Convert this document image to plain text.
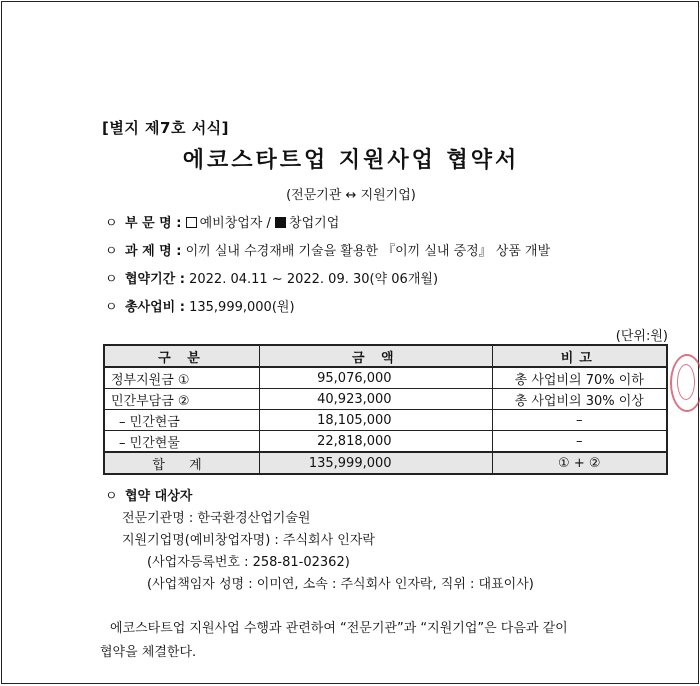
[별지 제7호 서식]
에코스타트업 지원사업 협약서
(전문기관 ↔ 지원기업)
ㅇ 부 문 명 : 예비창업자 / 창업기업
ㅇ 과 제 명 : 이끼 실내 수경재배 기술을 활용한 『이끼 실내 중정』 상품 개발
ㅇ 협약기간 : 2022. 04.11 ∼ 2022. 09. 30(약 06개월)
ㅇ 총사업비 : 135,999,000(원)
(단위:원)
구 분	금 액	비고
정부지원금 ①	95,076,000	총 사업비의 70% 이하
민간부담금 ②	40,923,000	총 사업비의 30% 이상
– 민간현금	18,105,000	–
– 민간현물	22,818,000	–
합 계	135,999,000	① + ②
ㅇ 협약 대상자
전문기관명 : 한국환경산업기술원
지원기업명(예비창업자명) : 주식회사 인자락
(사업자등록번호 : 258-81-02362)
(사업책임자 성명 : 이미연, 소속 : 주식회사 인자락, 직위 : 대표이사)
에코스타트업 지원사업 수행과 관련하여 “전문기관”과 “지원기업”은 다음과 같이
협약을 체결한다.
